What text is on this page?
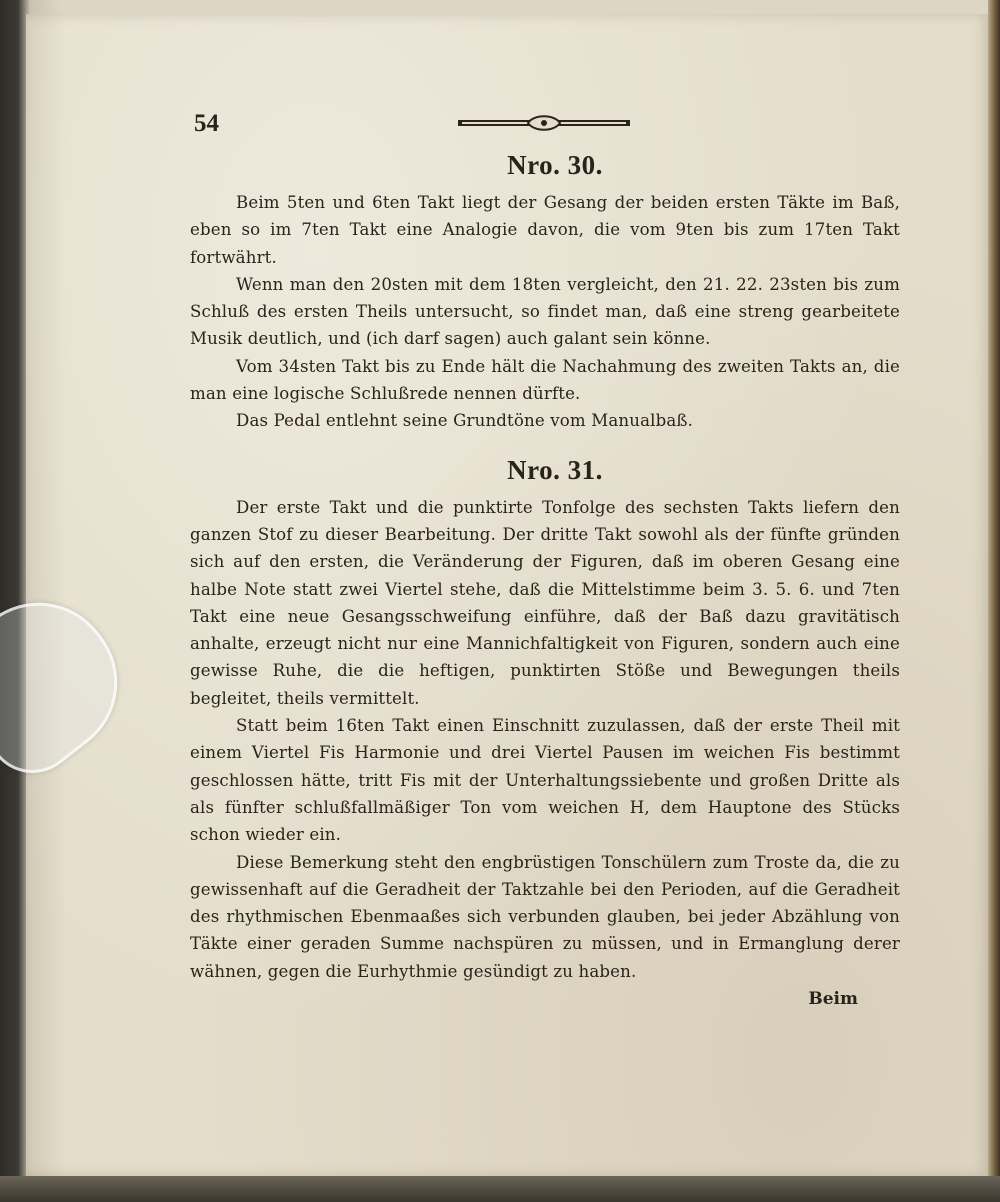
54
Nro. 30.

Beim 5ten und 6ten Takt liegt der Gesang der beiden ersten Täkte im Baß, eben so im 7ten Takt eine Analogie davon, die vom 9ten bis zum 17ten Takt fortwährt.

Wenn man den 20sten mit dem 18ten vergleicht, den 21. 22. 23sten bis zum Schluß des ersten Theils untersucht, so findet man, daß eine streng gearbeitete Musik deutlich, und (ich darf sagen) auch galant sein könne.

Vom 34sten Takt bis zu Ende hält die Nachahmung des zweiten Takts an, die man eine logische Schlußrede nennen dürfte.

Das Pedal entlehnt seine Grundtöne vom Manualbaß.

Nro. 31.

Der erste Takt und die punktirte Tonfolge des sechsten Takts liefern den ganzen Stof zu dieser Bearbeitung. Der dritte Takt sowohl als der fünfte gründen sich auf den ersten, die Veränderung der Figuren, daß im oberen Gesang eine halbe Note statt zwei Viertel stehe, daß die Mittelstimme beim 3. 5. 6. und 7ten Takt eine neue Gesangsschweifung einführe, daß der Baß dazu gravitätisch anhalte, erzeugt nicht nur eine Mannichfaltigkeit von Figuren, sondern auch eine gewisse Ruhe, die die heftigen, punktirten Stöße und Bewegungen theils begleitet, theils vermittelt.

Statt beim 16ten Takt einen Einschnitt zuzulassen, daß der erste Theil mit einem Viertel Fis Harmonie und drei Viertel Pausen im weichen Fis bestimmt geschlossen hätte, tritt Fis mit der Unterhaltungssiebente und großen Dritte als als fünfter schlußfallmäßiger Ton vom weichen H, dem Hauptone des Stücks schon wieder ein.

Diese Bemerkung steht den engbrüstigen Tonschülern zum Troste da, die zu gewissenhaft auf die Geradheit der Taktzahle bei den Perioden, auf die Geradheit des rhythmischen Ebenmaaßes sich verbunden glauben, bei jeder Abzählung von Täkte einer geraden Summe nachspüren zu müssen, und in Ermanglung derer wähnen, gegen die Eurhythmie gesündigt zu haben.

Beim
